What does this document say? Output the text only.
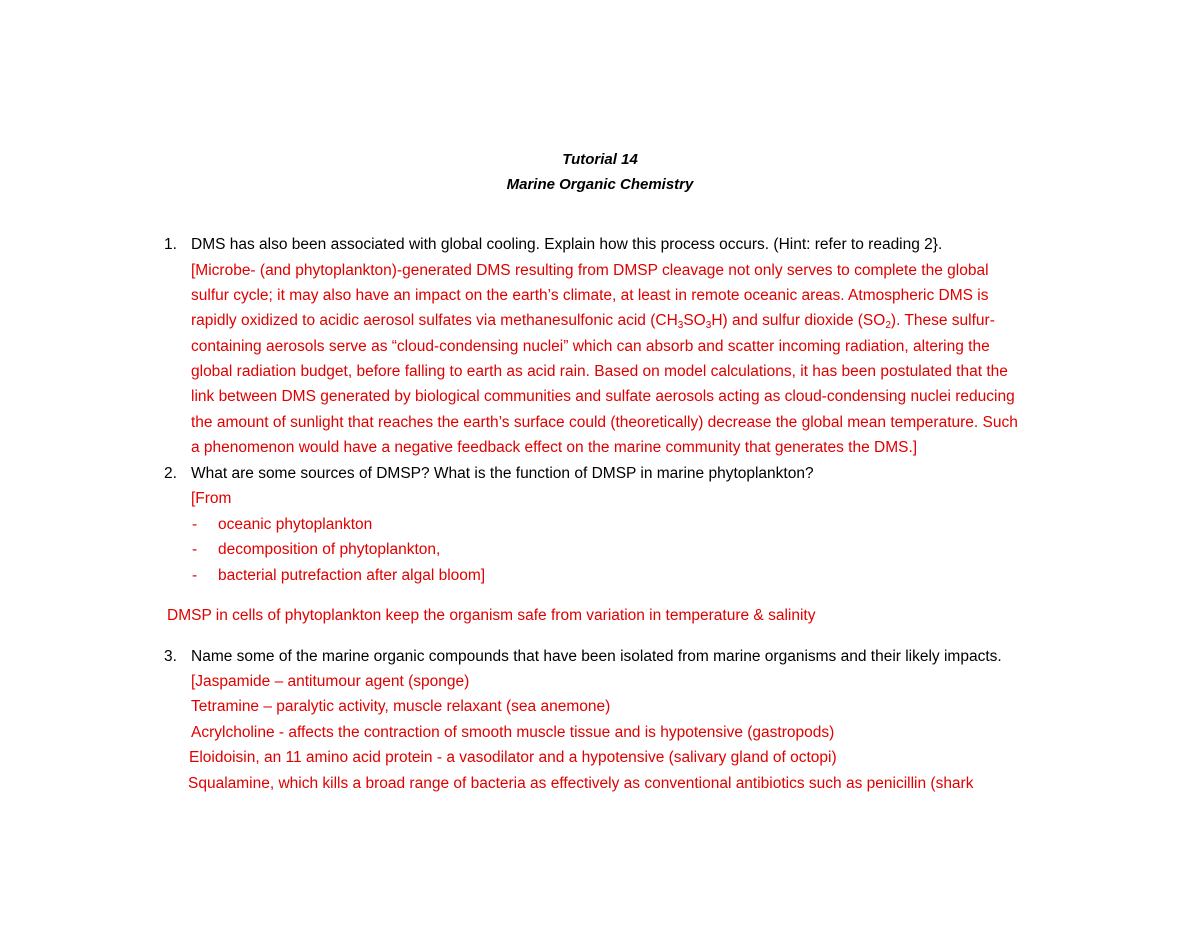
Tutorial 14
Marine Organic Chemistry
1. DMS has also been associated with global cooling. Explain how this process occurs. (Hint: refer to reading 2}.
[Microbe- (and phytoplankton)-generated DMS resulting from DMSP cleavage not only serves to complete the global
sulfur cycle; it may also have an impact on the earth’s climate, at least in remote oceanic areas. Atmospheric DMS is
rapidly oxidized to acidic aerosol sulfates via methanesulfonic acid $(CH_3SO_3H)$ and sulfur dioxide $(SO_2)$. These sulfur-
containing aerosols serve as “cloud-condensing nuclei” which can absorb and scatter incoming radiation, altering the
global radiation budget, before falling to earth as acid rain. Based on model calculations, it has been postulated that the
link between DMS generated by biological communities and sulfate aerosols acting as cloud-condensing nuclei reducing
the amount of sunlight that reaches the earth’s surface could (theoretically) decrease the global mean temperature. Such
a phenomenon would have a negative feedback effect on the marine community that generates the DMS.]
2. What are some sources of DMSP? What is the function of DMSP in marine phytoplankton?
[From
- oceanic phytoplankton
- decomposition of phytoplankton,
- bacterial putrefaction after algal bloom]
DMSP in cells of phytoplankton keep the organism safe from variation in temperature & salinity
3. Name some of the marine organic compounds that have been isolated from marine organisms and their likely impacts.
[Jaspamide – antitumour agent (sponge)
Tetramine – paralytic activity, muscle relaxant (sea anemone)
Acrylcholine - affects the contraction of smooth muscle tissue and is hypotensive (gastropods)
Eloidoisin, an 11 amino acid protein - a vasodilator and a hypotensive (salivary gland of octopi)
Squalamine, which kills a broad range of bacteria as effectively as conventional antibiotics such as penicillin (shark
